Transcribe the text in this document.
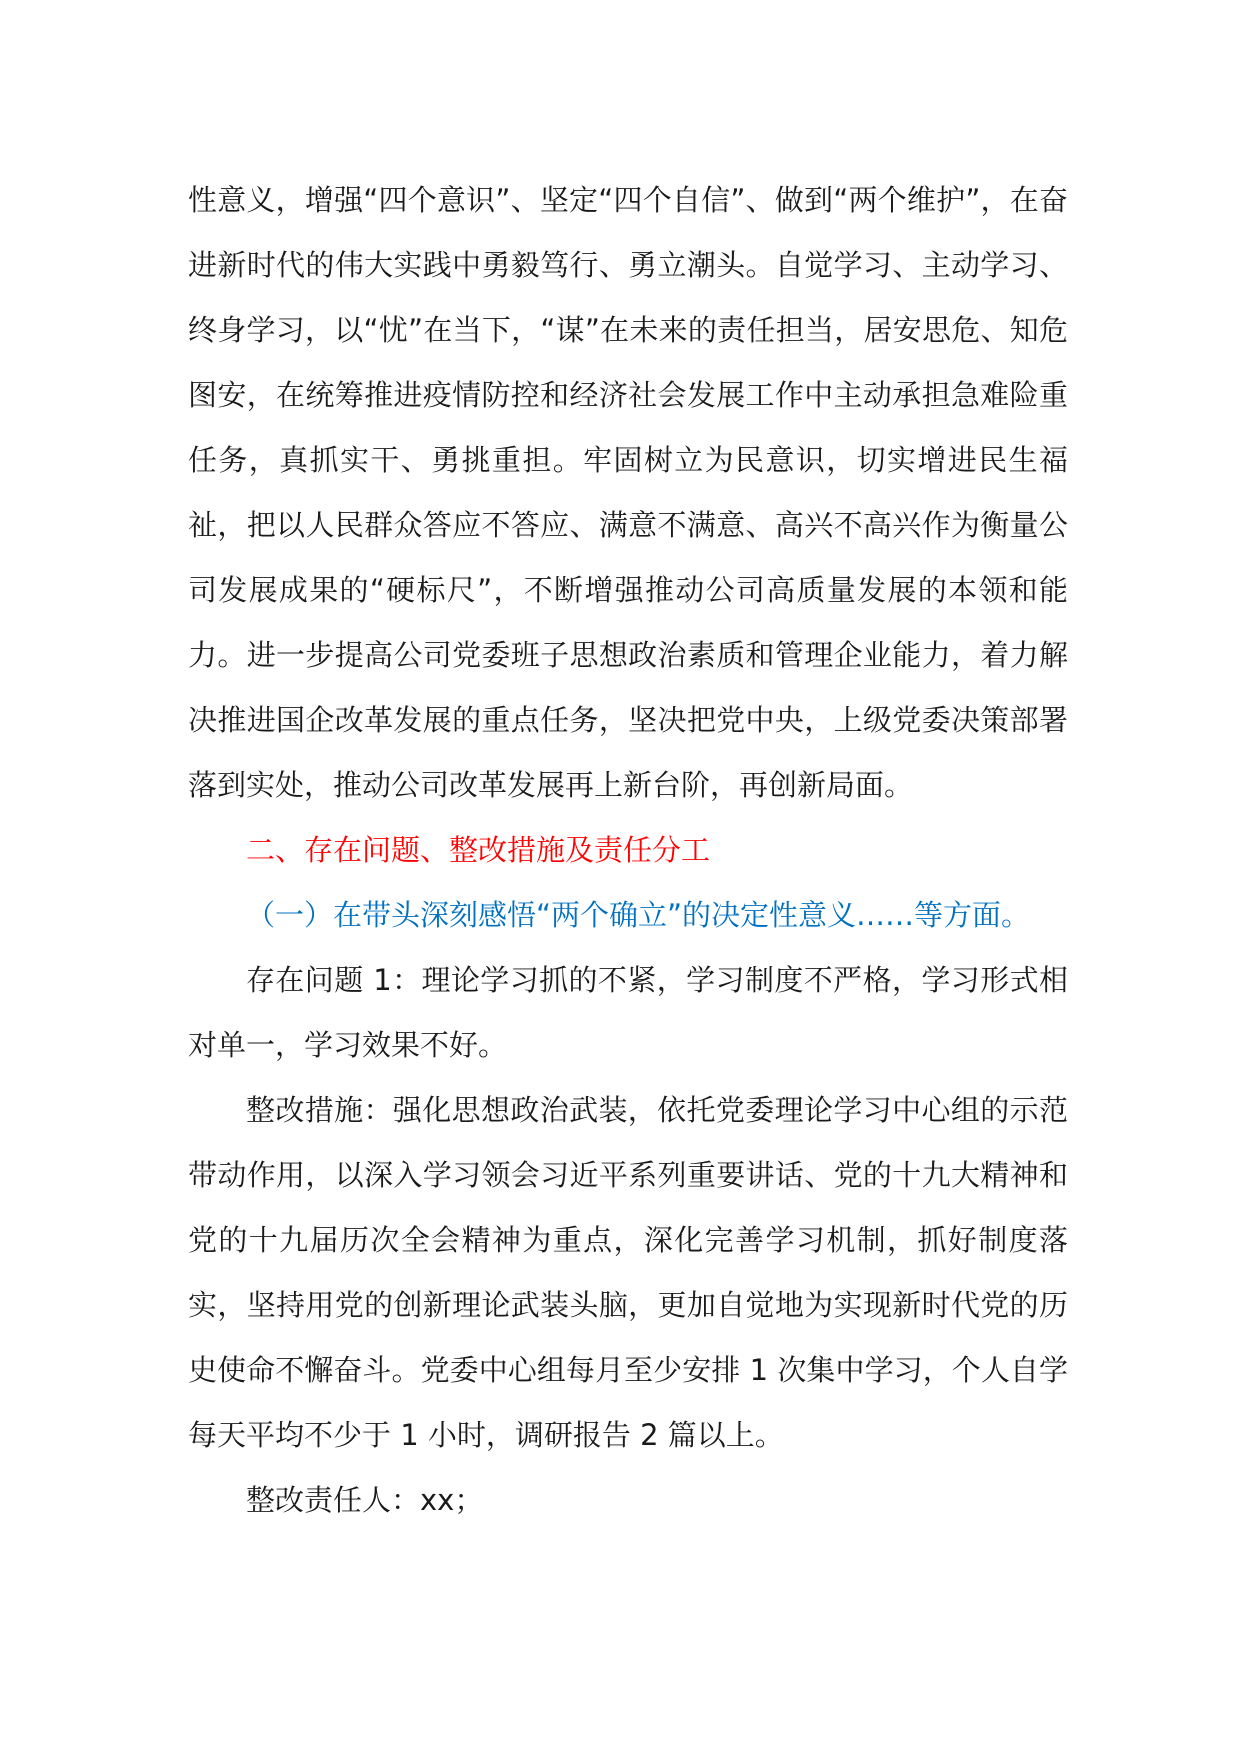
性意义，增强“四个意识”、坚定“四个自信”、做到“两个维护”，在奋进新时代的伟大实践中勇毅笃行、勇立潮头。自觉学习、主动学习、终身学习，以“忧”在当下，“谋”在未来的责任担当，居安思危、知危图安，在统筹推进疫情防控和经济社会发展工作中主动承担急难险重任务，真抓实干、勇挑重担。牢固树立为民意识，切实增进民生福祉，把以人民群众答应不答应、满意不满意、高兴不高兴作为衡量公司发展成果的“硬标尺”，不断增强推动公司高质量发展的本领和能力。进一步提高公司党委班子思想政治素质和管理企业能力，着力解决推进国企改革发展的重点任务，坚决把党中央，上级党委决策部署落到实处，推动公司改革发展再上新台阶，再创新局面。

二、存在问题、整改措施及责任分工

（一）在带头深刻感悟“两个确立”的决定性意义……等方面。

存在问题 1：理论学习抓的不紧，学习制度不严格，学习形式相对单一，学习效果不好。

整改措施：强化思想政治武装，依托党委理论学习中心组的示范带动作用，以深入学习领会习近平系列重要讲话、党的十九大精神和党的十九届历次全会精神为重点，深化完善学习机制，抓好制度落实，坚持用党的创新理论武装头脑，更加自觉地为实现新时代党的历史使命不懈奋斗。党委中心组每月至少安排 1 次集中学习，个人自学每天平均不少于 1 小时，调研报告 2 篇以上。

整改责任人：xx；
